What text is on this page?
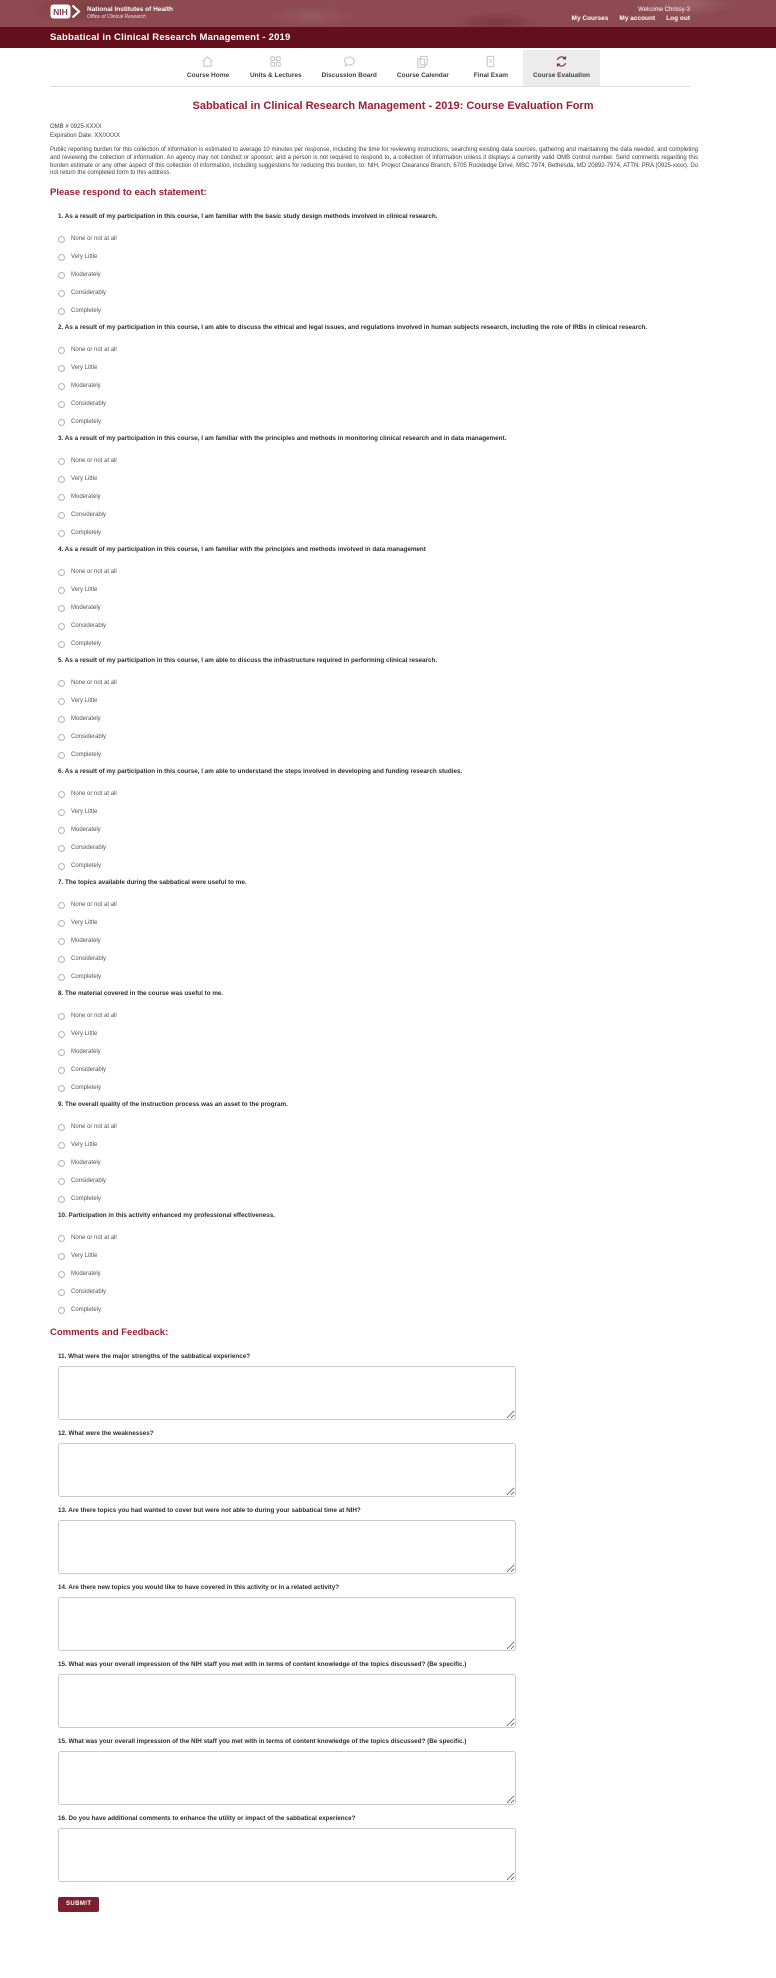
NIH	National Institutes of Health
Office of Clinical Research
Welcome Chrissy-3
My Courses My account Log out
Sabbatical in Clinical Research Management - 2019
Course Home	Units & Lectures	Discussion Board	Course Calendar	Final Exam	Course Evaluation
Sabbatical in Clinical Research Management - 2019: Course Evaluation Form
OMB # 0925-XXXX
Expiration Date: XX/XXXX
Public reporting burden for this collection of information is estimated to average 10 minutes per response, including the time for reviewing instructions, searching existing data sources, gathering and maintaining the data needed, and completing and reviewing the collection of information. An agency may not conduct or sponsor, and a person is not required to respond to, a collection of information unless it displays a currently valid OMB control number. Send comments regarding this burden estimate or any other aspect of this collection of information, including suggestions for reducing this burden, to: NIH, Project Clearance Branch, 6705 Rockledge Drive, MSC 7974, Bethesda, MD 20892-7974, ATTN: PRA (0925-xxxx). Do not return the completed form to this address.
Please respond to each statement:
1. As a result of my participation in this course, I am familiar with the basic study design methods involved in clinical research.
None or not at all
Very Little
Moderately
Considerably
Completely
2. As a result of my participation in this course, I am able to discuss the ethical and legal issues, and regulations involved in human subjects research, including the role of IRBs in clinical research.
None or not at all
Very Little
Moderately
Considerably
Completely
3. As a result of my participation in this course, I am familiar with the principles and methods in monitoring clinical research and in data management.
None or not at all
Very Little
Moderately
Considerably
Completely
4. As a result of my participation in this course, I am familiar with the principles and methods involved in data management
None or not at all
Very Little
Moderately
Considerably
Completely
5. As a result of my participation in this course, I am able to discuss the infrastructure required in performing clinical research.
None or not at all
Very Little
Moderately
Considerably
Completely
6. As a result of my participation in this course, I am able to understand the steps involved in developing and funding research studies.
None or not at all
Very Little
Moderately
Considerably
Completely
7. The topics available during the sabbatical were useful to me.
None or not at all
Very Little
Moderately
Considerably
Completely
8. The material covered in the course was useful to me.
None or not at all
Very Little
Moderately
Considerably
Completely
9. The overall quality of the instruction process was an asset to the program.
None or not at all
Very Little
Moderately
Considerably
Completely
10. Participation in this activity enhanced my professional effectiveness.
None or not at all
Very Little
Moderately
Considerably
Completely
Comments and Feedback:
11. What were the major strengths of the sabbatical experience?
12. What were the weaknesses?
13. Are there topics you had wanted to cover but were not able to during your sabbatical time at NIH?
14. Are there new topics you would like to have covered in this activity or in a related activity?
15. What was your overall impression of the NIH staff you met with in terms of content knowledge of the topics discussed? (Be specific.)
15. What was your overall impression of the NIH staff you met with in terms of content knowledge of the topics discussed? (Be specific.)
16. Do you have additional comments to enhance the utility or impact of the sabbatical experience?
SUBMIT
